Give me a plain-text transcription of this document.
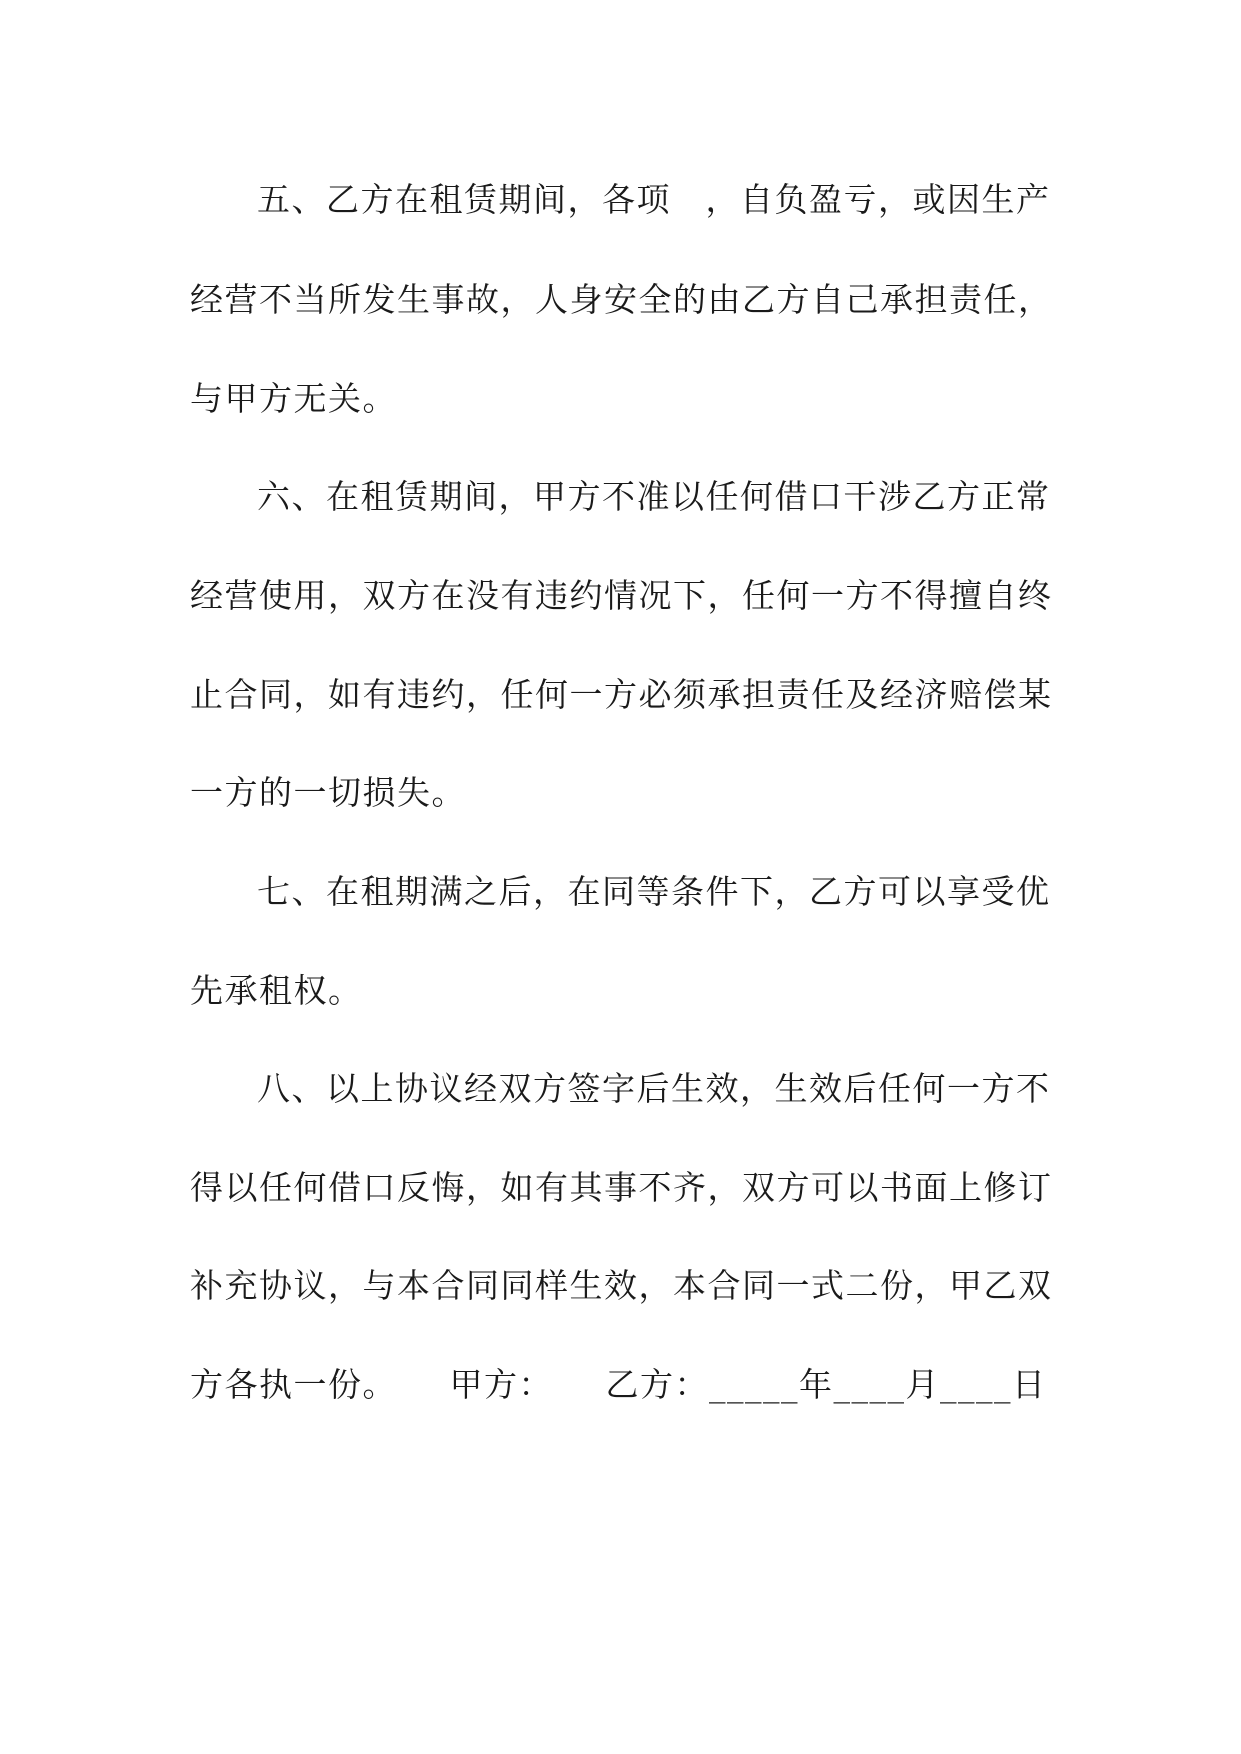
五、乙方在租赁期间，各项　，自负盈亏，或因生产
经营不当所发生事故，人身安全的由乙方自己承担责任，
与甲方无关。
六、在租赁期间，甲方不准以任何借口干涉乙方正常
经营使用，双方在没有违约情况下，任何一方不得擅自终
止合同，如有违约，任何一方必须承担责任及经济赔偿某
一方的一切损失。
七、在租期满之后，在同等条件下，乙方可以享受优
先承租权。
八、以上协议经双方签字后生效，生效后任何一方不
得以任何借口反悔，如有其事不齐，双方可以书面上修订
补充协议，与本合同同样生效，本合同一式二份，甲乙双
方各执一份。　　甲方：　　乙方：_____年____月____日
